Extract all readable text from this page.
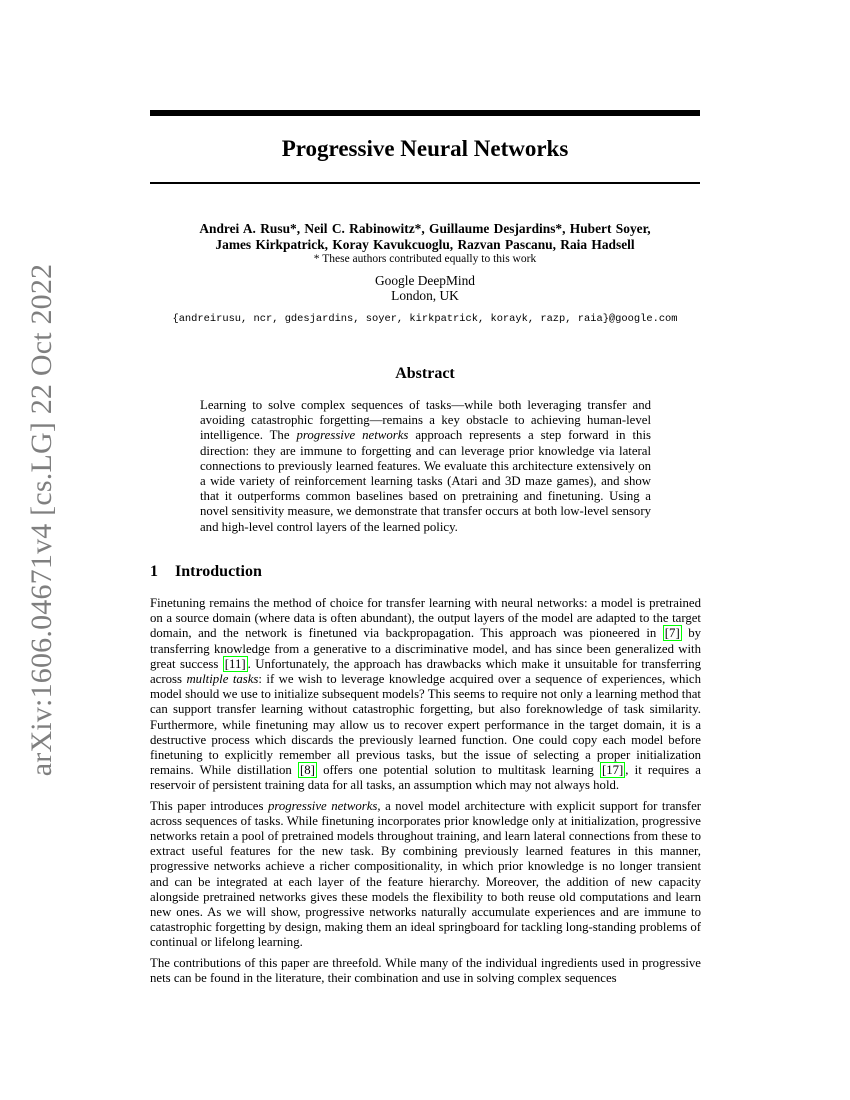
arXiv:1606.04671v4 [cs.LG] 22 Oct 2022
Progressive Neural Networks
Andrei A. Rusu*, Neil C. Rabinowitz*, Guillaume Desjardins*, Hubert Soyer,
James Kirkpatrick, Koray Kavukcuoglu, Razvan Pascanu, Raia Hadsell
* These authors contributed equally to this work
Google DeepMind
London, UK
{andreirusu, ncr, gdesjardins, soyer, kirkpatrick, korayk, razp, raia}@google.com
Abstract
Learning to solve complex sequences of tasks—while both leveraging transfer and avoiding catastrophic forgetting—remains a key obstacle to achieving human-level intelligence. The progressive networks approach represents a step forward in this direction: they are immune to forgetting and can leverage prior knowledge via lateral connections to previously learned features. We evaluate this architecture extensively on a wide variety of reinforcement learning tasks (Atari and 3D maze games), and show that it outperforms common baselines based on pretraining and finetuning. Using a novel sensitivity measure, we demonstrate that transfer occurs at both low-level sensory and high-level control layers of the learned policy.
1 Introduction

Finetuning remains the method of choice for transfer learning with neural networks: a model is pretrained on a source domain (where data is often abundant), the output layers of the model are adapted to the target domain, and the network is finetuned via backpropagation. This approach was pioneered in [7] by transferring knowledge from a generative to a discriminative model, and has since been generalized with great success [11] . Unfortunately, the approach has drawbacks which make it unsuitable for transferring across multiple tasks: if we wish to leverage knowledge acquired over a sequence of experiences, which model should we use to initialize subsequent models? This seems to require not only a learning method that can support transfer learning without catastrophic forgetting, but also foreknowledge of task similarity. Furthermore, while finetuning may allow us to recover expert performance in the target domain, it is a destructive process which discards the previously learned function. One could copy each model before finetuning to explicitly remember all previous tasks, but the issue of selecting a proper initialization remains. While distillation [8] offers one potential solution to multitask learning [17] , it requires a reservoir of persistent training data for all tasks, an assumption which may not always hold.

This paper introduces progressive networks, a novel model architecture with explicit support for transfer across sequences of tasks. While finetuning incorporates prior knowledge only at initialization, progressive networks retain a pool of pretrained models throughout training, and learn lateral connections from these to extract useful features for the new task. By combining previously learned features in this manner, progressive networks achieve a richer compositionality, in which prior knowledge is no longer transient and can be integrated at each layer of the feature hierarchy. Moreover, the addition of new capacity alongside pretrained networks gives these models the flexibility to both reuse old computations and learn new ones. As we will show, progressive networks naturally accumulate experiences and are immune to catastrophic forgetting by design, making them an ideal springboard for tackling long-standing problems of continual or lifelong learning.

The contributions of this paper are threefold. While many of the individual ingredients used in progressive nets can be found in the literature, their combination and use in solving complex sequences
